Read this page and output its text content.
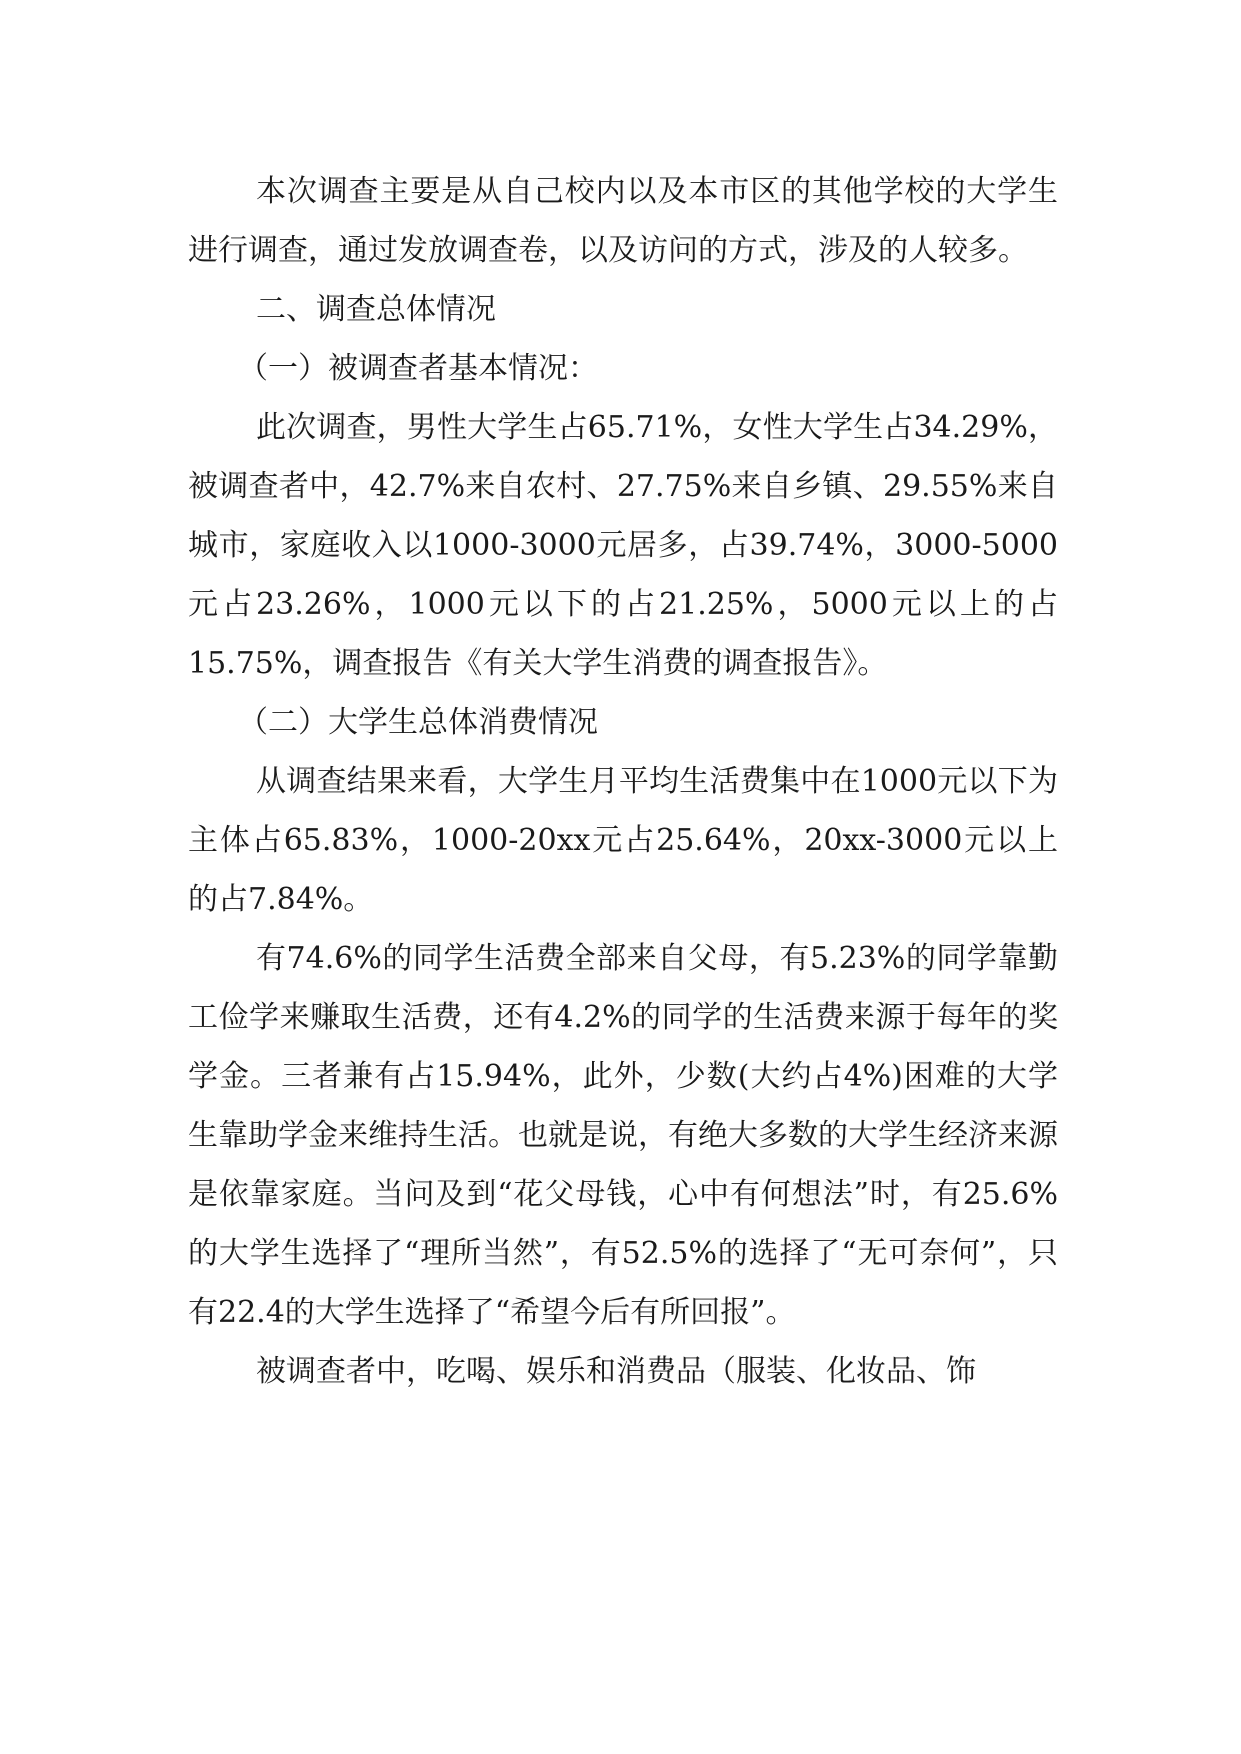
本次调查主要是从自己校内以及本市区的其他学校的大学生进行调查，通过发放调查卷，以及访问的方式，涉及的人较多。

二、调查总体情况

（一）被调查者基本情况：

此次调查，男性大学生占65.71%，女性大学生占34.29%，被调查者中，42.7%来自农村、27.75%来自乡镇、29.55%来自城市，家庭收入以1000-3000元居多，占39.74%，3000-5000元占23.26%，1000元以下的占21.25%，5000元以上的占15.75%，调查报告《有关大学生消费的调查报告》。

（二）大学生总体消费情况

从调查结果来看，大学生月平均生活费集中在1000元以下为主体占65.83%，1000-20xx元占25.64%，20xx-3000元以上的占7.84%。

有74.6%的同学生活费全部来自父母，有5.23%的同学靠勤工俭学来赚取生活费，还有4.2%的同学的生活费来源于每年的奖学金。三者兼有占15.94%，此外，少数(大约占4%)困难的大学生靠助学金来维持生活。也就是说，有绝大多数的大学生经济来源是依靠家庭。当问及到“花父母钱，心中有何想法”时，有25.6%的大学生选择了“理所当然”，有52.5%的选择了“无可奈何”，只有22.4的大学生选择了“希望今后有所回报”。

被调查者中，吃喝、娱乐和消费品（服装、化妆品、饰
